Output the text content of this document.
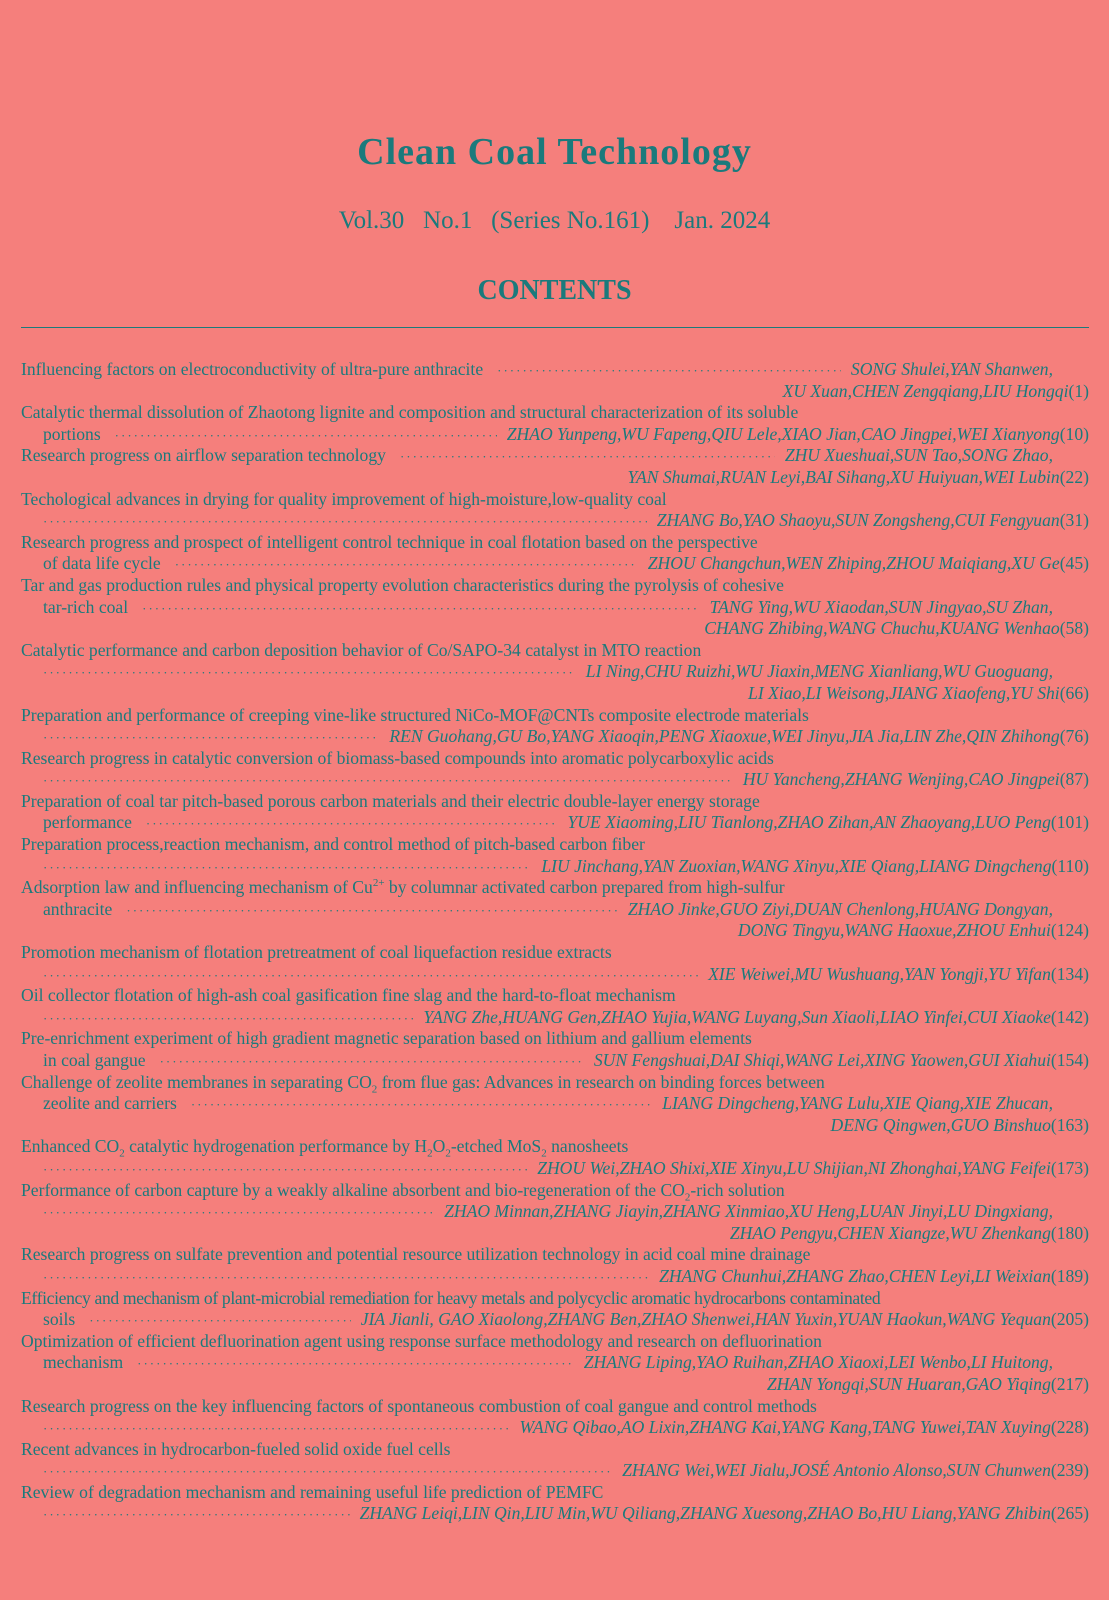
Clean Coal Technology
Vol.30   No.1   (Series No.161)    Jan. 2024
CONTENTS
Influencing factors on electroconductivity of ultra-pure anthracite ·····	SONG Shulei,YAN Shanwen,
XU Xuan,CHEN Zengqiang,LIU Hongqi(1)
Catalytic thermal dissolution of Zhaotong lignite and composition and structural characterization of its soluble
portions ·····	ZHAO Yunpeng,WU Fapeng,QIU Lele,XIAO Jian,CAO Jingpei,WEI Xianyong (10)
Research progress on airflow separation technology ·····	ZHU Xueshuai,SUN Tao,SONG Zhao,
YAN Shumai,RUAN Leyi,BAI Sihang,XU Huiyuan,WEI Lubin(22)
Techological advances in drying for quality improvement of high-moisture,low-quality coal
·····
ZHANG Bo,YAO Shaoyu,SUN Zongsheng,CUI Fengyuan (31)
Research progress and prospect of intelligent control technique in coal flotation based on the perspective
of data life cycle ·····	ZHOU Changchun,WEN Zhiping,ZHOU Maiqiang,XU Ge (45)
Tar and gas production rules and physical property evolution characteristics during the pyrolysis of cohesive
tar-rich coal ·····	TANG Ying,WU Xiaodan,SUN Jingyao,SU Zhan,
CHANG Zhibing,WANG Chuchu,KUANG Wenhao(58)
Catalytic performance and carbon deposition behavior of Co/SAPO-34 catalyst in MTO reaction
·····
LI Ning,CHU Ruizhi,WU Jiaxin,MENG Xianliang,WU Guoguang,
LI Xiao,LI Weisong,JIANG Xiaofeng,YU Shi(66)
Preparation and performance of creeping vine-like structured NiCo-MOF@CNTs composite electrode materials
·····
REN Guohang,GU Bo,YANG Xiaoqin,PENG Xiaoxue,WEI Jinyu,JIA Jia,LIN Zhe,QIN Zhihong (76)
Research progress in catalytic conversion of biomass-based compounds into aromatic polycarboxylic acids
·····
HU Yancheng,ZHANG Wenjing,CAO Jingpei (87)
Preparation of coal tar pitch-based porous carbon materials and their electric double-layer energy storage
performance ·····	YUE Xiaoming,LIU Tianlong,ZHAO Zihan,AN Zhaoyang,LUO Peng (101)
Preparation process,reaction mechanism, and control method of pitch-based carbon fiber
·····
LIU Jinchang,YAN Zuoxian,WANG Xinyu,XIE Qiang,LIANG Dingcheng (110)
Adsorption law and influencing mechanism of $Cu^{2+}$ by columnar activated carbon prepared from high-sulfur
anthracite ·····	ZHAO Jinke,GUO Ziyi,DUAN Chenlong,HUANG Dongyan,
DONG Tingyu,WANG Haoxue,ZHOU Enhui(124)
Promotion mechanism of flotation pretreatment of coal liquefaction residue extracts
·····
XIE Weiwei,MU Wushuang,YAN Yongji,YU Yifan (134)
Oil collector flotation of high-ash coal gasification fine slag and the hard-to-float mechanism
·····
YANG Zhe,HUANG Gen,ZHAO Yujia,WANG Luyang,Sun Xiaoli,LIAO Yinfei,CUI Xiaoke (142)
Pre-enrichment experiment of high gradient magnetic separation based on lithium and gallium elements
in coal gangue ·····	SUN Fengshuai,DAI Shiqi,WANG Lei,XING Yaowen,GUI Xiahui (154)
Challenge of zeolite membranes in separating $CO_2$ from flue gas: Advances in research on binding forces between
zeolite and carriers ·····	LIANG Dingcheng,YANG Lulu,XIE Qiang,XIE Zhucan,
DENG Qingwen,GUO Binshuo(163)
Enhanced $CO_2$ catalytic hydrogenation performance by $H_2O_2$-etched MoS$_2$ nanosheets
·····
ZHOU Wei,ZHAO Shixi,XIE Xinyu,LU Shijian,NI Zhonghai,YANG Feifei (173)
Performance of carbon capture by a weakly alkaline absorbent and bio-regeneration of the $CO_2$-rich solution
·····
ZHAO Minnan,ZHANG Jiayin,ZHANG Xinmiao,XU Heng,LUAN Jinyi,LU Dingxiang,
ZHAO Pengyu,CHEN Xiangze,WU Zhenkang(180)
Research progress on sulfate prevention and potential resource utilization technology in acid coal mine drainage
·····
ZHANG Chunhui,ZHANG Zhao,CHEN Leyi,LI Weixian (189)
Efficiency and mechanism of plant-microbial remediation for heavy metals and polycyclic aromatic hydrocarbons contaminated
soils ·····	JIA Jianli, GAO Xiaolong,ZHANG Ben,ZHAO Shenwei,HAN Yuxin,YUAN Haokun,WANG Yequan (205)
Optimization of efficient defluorination agent using response surface methodology and research on defluorination
mechanism ·····	ZHANG Liping,YAO Ruihan,ZHAO Xiaoxi,LEI Wenbo,LI Huitong,
ZHAN Yongqi,SUN Huaran,GAO Yiqing(217)
Research progress on the key influencing factors of spontaneous combustion of coal gangue and control methods
·····
WANG Qibao,AO Lixin,ZHANG Kai,YANG Kang,TANG Yuwei,TAN Xuying (228)
Recent advances in hydrocarbon-fueled solid oxide fuel cells
·····
ZHANG Wei,WEI Jialu,JOSÉ Antonio Alonso,SUN Chunwen (239)
Review of degradation mechanism and remaining useful life prediction of PEMFC
·····
ZHANG Leiqi,LIN Qin,LIU Min,WU Qiliang,ZHANG Xuesong,ZHAO Bo,HU Liang,YANG Zhibin (265)
